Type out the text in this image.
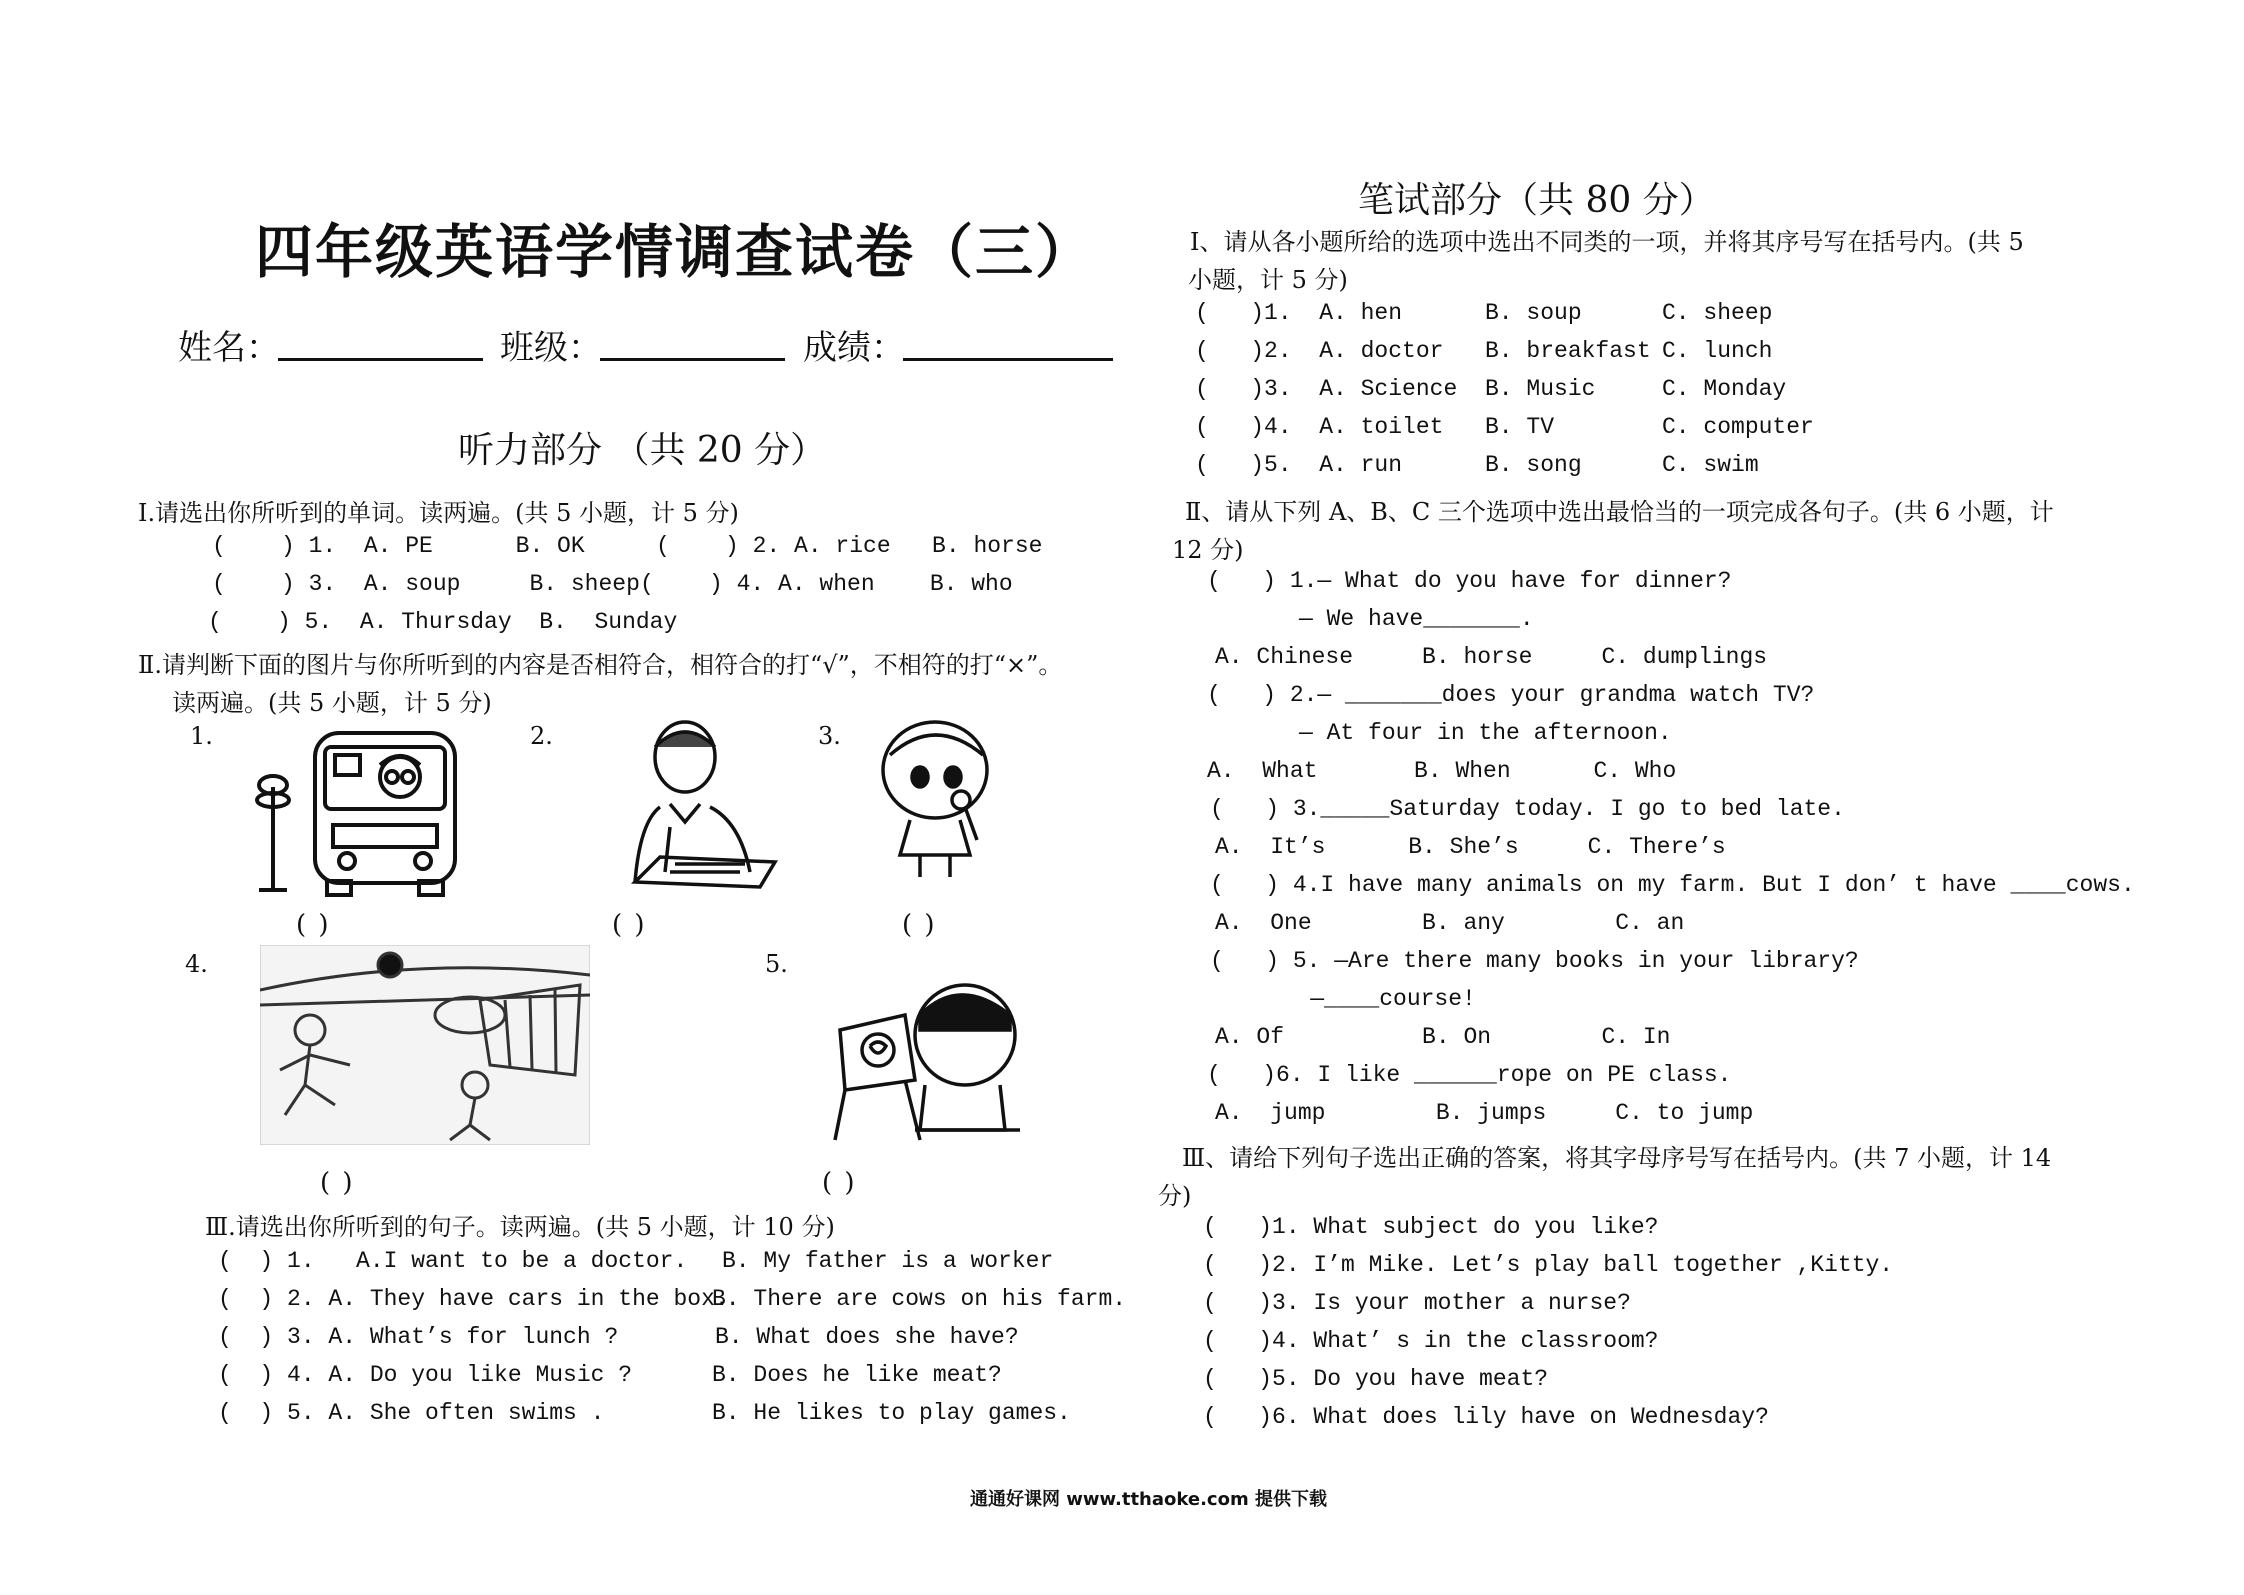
四年级英语学情调查试卷（三）
姓名：	班级：	成绩：
听力部分 （共 20 分）
Ⅰ.请选出你所听到的单词。读两遍。(共 5 小题，计 5 分)
(    ) 1.  A. PE      B. OK	(    ) 2. A. rice   B. horse
(    ) 3.  A. soup     B. sheep (    ) 4. A. when    B. who
(    ) 5.  A. Thursday  B.  Sunday
Ⅱ.请判断下面的图片与你所听到的内容是否相符合，相符合的打“√”，不相符的打“×”。
读两遍。(共 5 小题，计 5 分)
1.	2.	3.
4.	5.
( )	( )	( )
( )	( )
Ⅲ.请选出你所听到的句子。读两遍。(共 5 小题，计 10 分)
(  ) 1.   A.I want to be a doctor. B. My father is a worker
(  ) 2. A. They have cars in the box.
B. There are cows on his farm.
(  ) 3. A. What’s for lunch ?	B. What does she have?
(  ) 4. A. Do you like Music ?	B. Does he like meat?
(  ) 5. A. She often swims .	B. He likes to play games.
笔试部分（共 80 分）
Ⅰ、请从各小题所给的选项中选出不同类的一项，并将其序号写在括号内。(共 5
小题，计 5 分)
(   )1.  A. hen	B. soup	C. sheep
(   )2.  A. doctor B. breakfast C. lunch
(   )3.  A. Science B. Music	C. Monday
(   )4.  A. toilet B. TV	C. computer
(   )5.  A. run	B. song	C. swim
Ⅱ、请从下列 A、B、C 三个选项中选出最恰当的一项完成各句子。(共 6 小题，计
12 分)
(   ) 1.— What do you have for dinner?
— We have_______.
A. Chinese     B. horse     C. dumplings
(   ) 2.— _______does your grandma watch TV?
— At four in the afternoon.
A.  What       B. When      C. Who
(   ) 3._____Saturday today. I go to bed late.
A.  It’s      B. She’s     C. There’s
(   ) 4.I have many animals on my farm. But I don’ t have ____cows.
A.  One        B. any        C. an
(   ) 5. —Are there many books in your library?
—____course!
A. Of          B. On        C. In
(   )6. I like ______rope on PE class.
A.  jump        B. jumps     C. to jump
Ⅲ、请给下列句子选出正确的答案，将其字母序号写在括号内。(共 7 小题，计 14
分)
(   )1. What subject do you like?
(   )2. I’m Mike. Let’s play ball together ,Kitty.
(   )3. Is your mother a nurse?
(   )4. What’ s in the classroom?
(   )5. Do you have meat?
(   )6. What does lily have on Wednesday?
通通好课网 www.tthaoke.com 提供下载
